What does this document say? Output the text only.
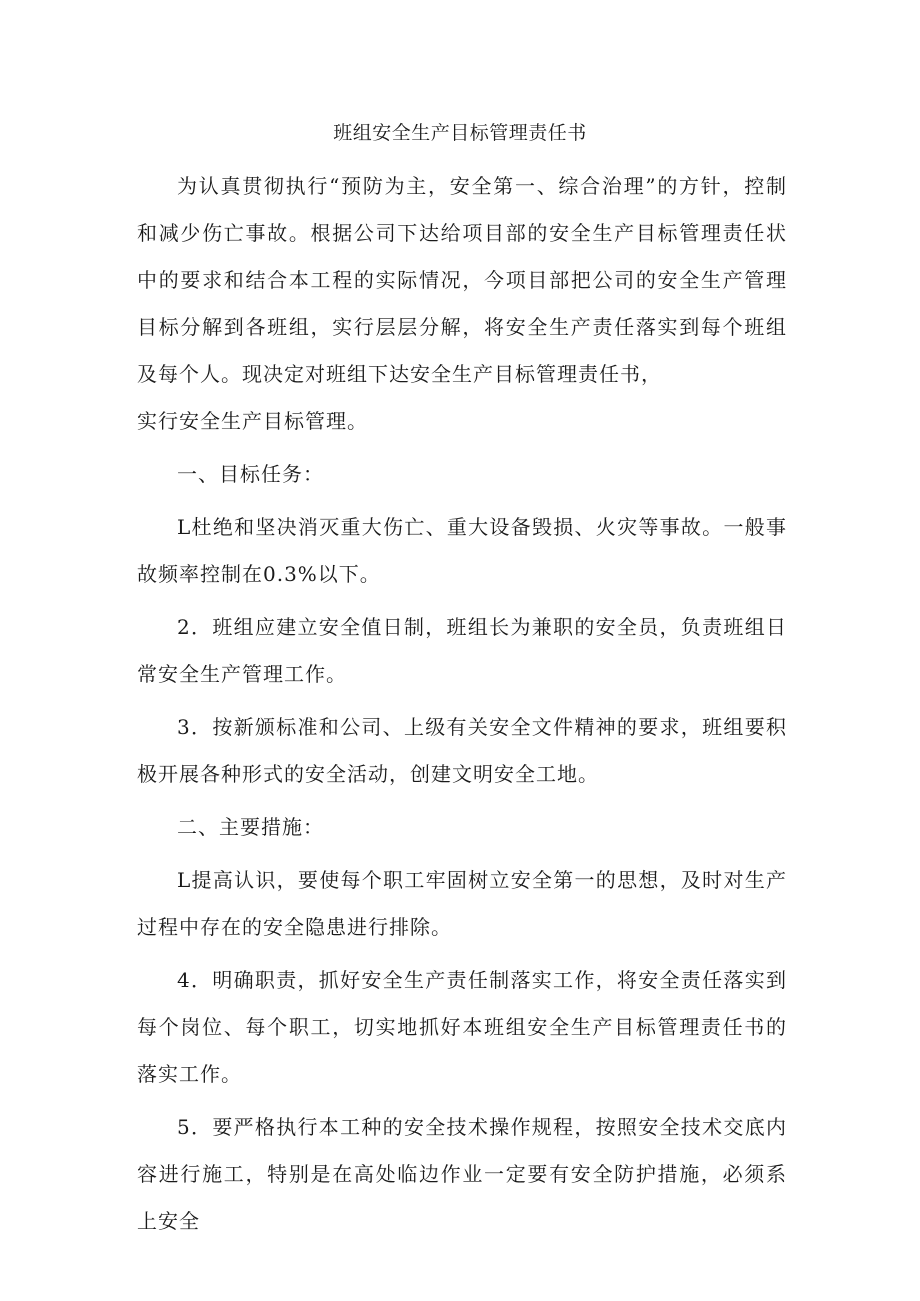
班组安全生产目标管理责任书

为认真贯彻执行“预防为主，安全第一、综合治理”的方针，控制和减少伤亡事故。根据公司下达给项目部的安全生产目标管理责任状中的要求和结合本工程的实际情况，今项目部把公司的安全生产管理目标分解到各班组，实行层层分解，将安全生产责任落实到每个班组及每个人。现决定对班组下达安全生产目标管理责任书，

实行安全生产目标管理。

一、目标任务：

L杜绝和坚决消灭重大伤亡、重大设备毁损、火灾等事故。一般事故频率控制在0.3%以下。

2．班组应建立安全值日制，班组长为兼职的安全员，负责班组日常安全生产管理工作。

3．按新颁标准和公司、上级有关安全文件精神的要求，班组要积极开展各种形式的安全活动，创建文明安全工地。

二、主要措施：

L提高认识，要使每个职工牢固树立安全第一的思想，及时对生产过程中存在的安全隐患进行排除。

4．明确职责，抓好安全生产责任制落实工作，将安全责任落实到每个岗位、每个职工，切实地抓好本班组安全生产目标管理责任书的落实工作。

5．要严格执行本工种的安全技术操作规程，按照安全技术交底内容进行施工，特别是在高处临边作业一定要有安全防护措施，必须系上安全
